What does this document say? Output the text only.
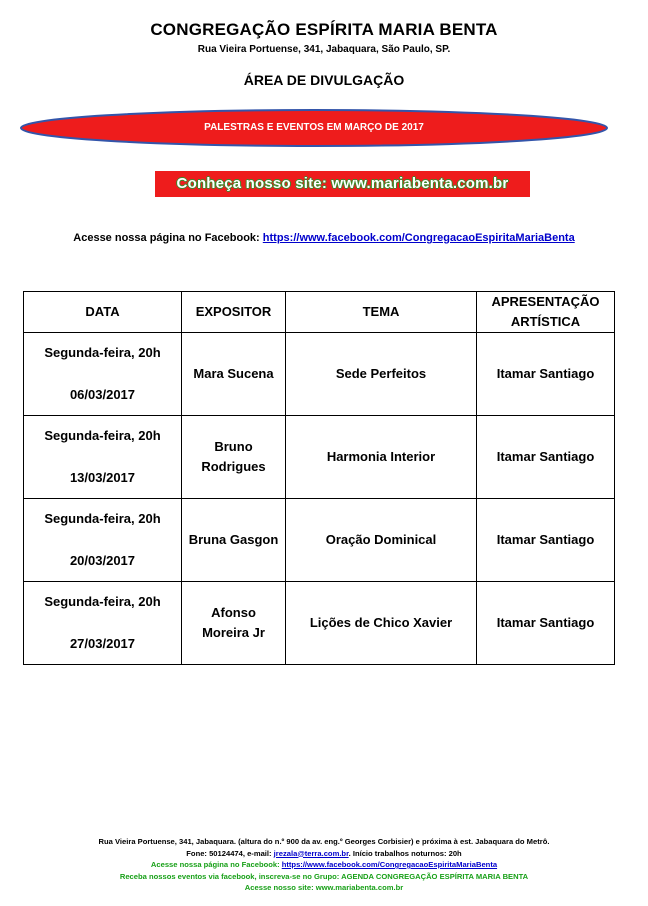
CONGREGAÇÃO ESPÍRITA MARIA BENTA
Rua Vieira Portuense, 341, Jabaquara, São Paulo, SP.
ÁREA DE DIVULGAÇÃO
PALESTRAS E EVENTOS EM MARÇO DE 2017
Conheça nosso site: www.mariabenta.com.br
Acesse nossa página no Facebook: https://www.facebook.com/CongregacaoEspiritaMariaBenta
DATA	EXPOSITOR	TEMA	APRESENTAÇÃO ARTÍSTICA

Segunda-feira, 20h
06/03/2017	Mara Sucena	Sede Perfeitos	Itamar Santiago

Segunda-feira, 20h
13/03/2017	Bruno Rodrigues	Harmonia Interior	Itamar Santiago

Segunda-feira, 20h
20/03/2017	Bruna Gasgon	Oração Dominical	Itamar Santiago

Segunda-feira, 20h
27/03/2017	Afonso Moreira Jr	Lições de Chico Xavier	Itamar Santiago
Rua Vieira Portuense, 341, Jabaquara. (altura do n.º 900 da av. eng.º Georges Corbisier) e próxima à est. Jabaquara do Metrô.
Fone: 50124474, e-mail: jrezala@terra.com.br. Início trabalhos noturnos: 20h
Acesse nossa página no Facebook: https://www.facebook.com/CongregacaoEspiritaMariaBenta
Receba nossos eventos via facebook, inscreva-se no Grupo: AGENDA CONGREGAÇÃO ESPÍRITA MARIA BENTA
Acesse nosso site: www.mariabenta.com.br
